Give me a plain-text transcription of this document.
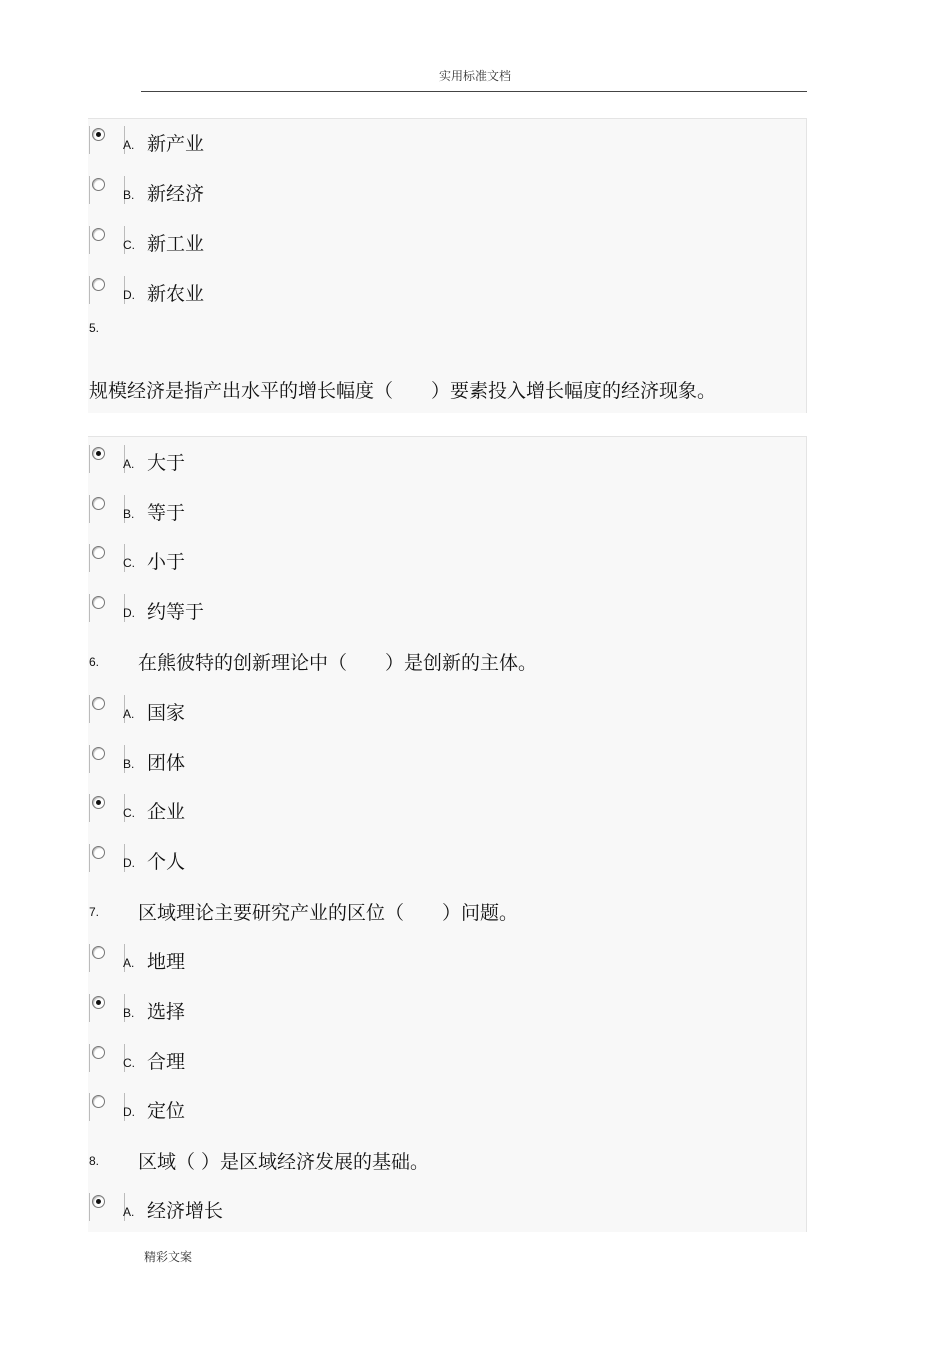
实用标准文档
A. 新产业
B. 新经济
C. 新工业
D. 新农业
5.
规模经济是指产出水平的增长幅度（　　）要素投入增长幅度的经济现象。
A. 大于
B. 等于
C. 小于
D. 约等于
6. 在熊彼特的创新理论中（　　）是创新的主体。
A. 国家
B. 团体
C. 企业
D. 个人
7. 区域理论主要研究产业的区位（　　）问题。
A. 地理
B. 选择
C. 合理
D. 定位
8. 区域（ ）是区域经济发展的基础。
A. 经济增长
精彩文案
